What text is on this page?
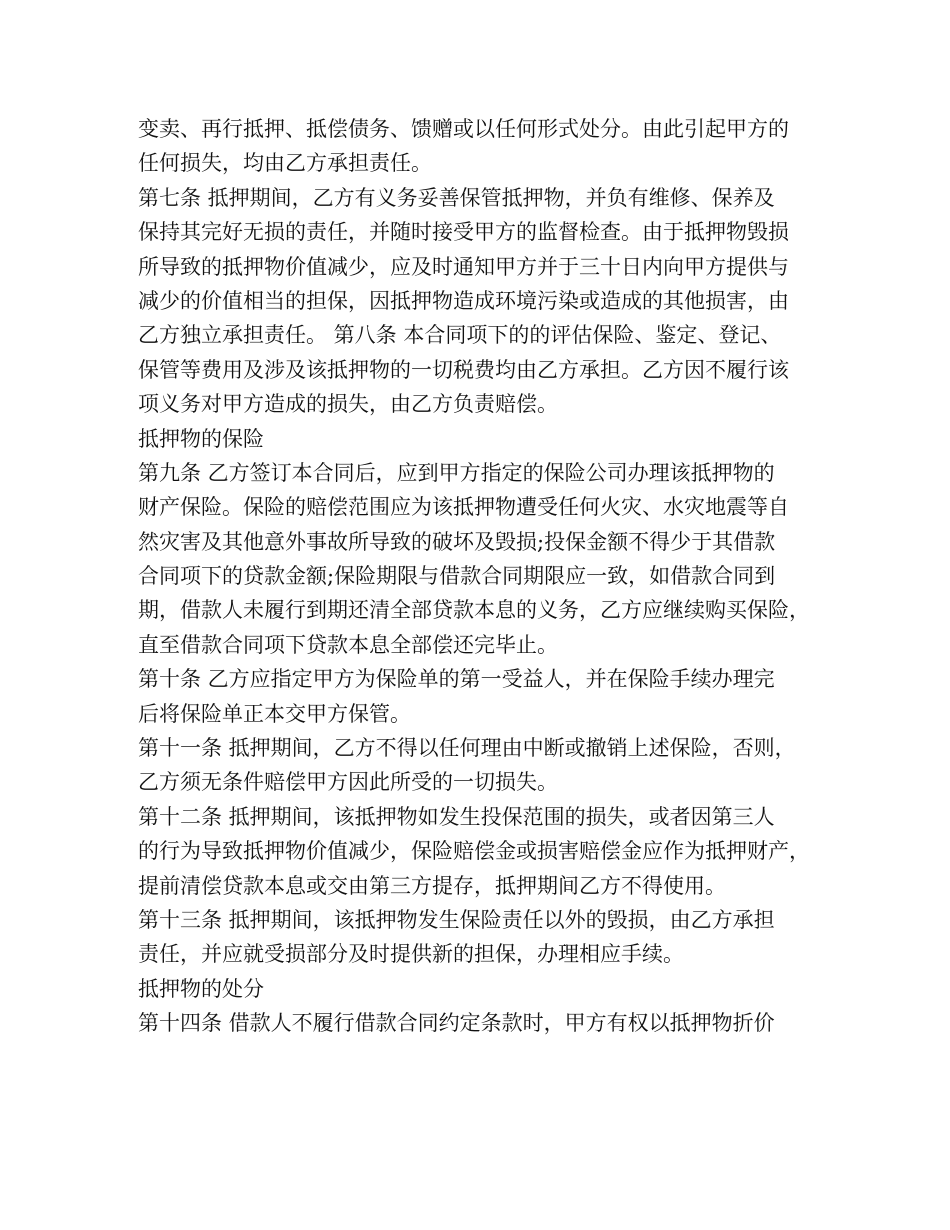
变卖、再行抵押、抵偿债务、馈赠或以任何形式处分。由此引起甲方的
任何损失，均由乙方承担责任。
第七条 抵押期间，乙方有义务妥善保管抵押物，并负有维修、保养及
保持其完好无损的责任，并随时接受甲方的监督检查。由于抵押物毁损
所导致的抵押物价值减少，应及时通知甲方并于三十日内向甲方提供与
减少的价值相当的担保，因抵押物造成环境污染或造成的其他损害，由
乙方独立承担责任。 第八条 本合同项下的的评估保险、鉴定、登记、
保管等费用及涉及该抵押物的一切税费均由乙方承担。乙方因不履行该
项义务对甲方造成的损失，由乙方负责赔偿。
抵押物的保险
第九条 乙方签订本合同后，应到甲方指定的保险公司办理该抵押物的
财产保险。保险的赔偿范围应为该抵押物遭受任何火灾、水灾地震等自
然灾害及其他意外事故所导致的破坏及毁损;投保金额不得少于其借款
合同项下的贷款金额;保险期限与借款合同期限应一致，如借款合同到
期，借款人未履行到期还清全部贷款本息的义务，乙方应继续购买保险，
直至借款合同项下贷款本息全部偿还完毕止。
第十条 乙方应指定甲方为保险单的第一受益人，并在保险手续办理完
后将保险单正本交甲方保管。
第十一条 抵押期间，乙方不得以任何理由中断或撤销上述保险，否则，
乙方须无条件赔偿甲方因此所受的一切损失。
第十二条 抵押期间，该抵押物如发生投保范围的损失，或者因第三人
的行为导致抵押物价值减少，保险赔偿金或损害赔偿金应作为抵押财产，
提前清偿贷款本息或交由第三方提存，抵押期间乙方不得使用。
第十三条 抵押期间，该抵押物发生保险责任以外的毁损，由乙方承担
责任，并应就受损部分及时提供新的担保，办理相应手续。
抵押物的处分
第十四条 借款人不履行借款合同约定条款时，甲方有权以抵押物折价
